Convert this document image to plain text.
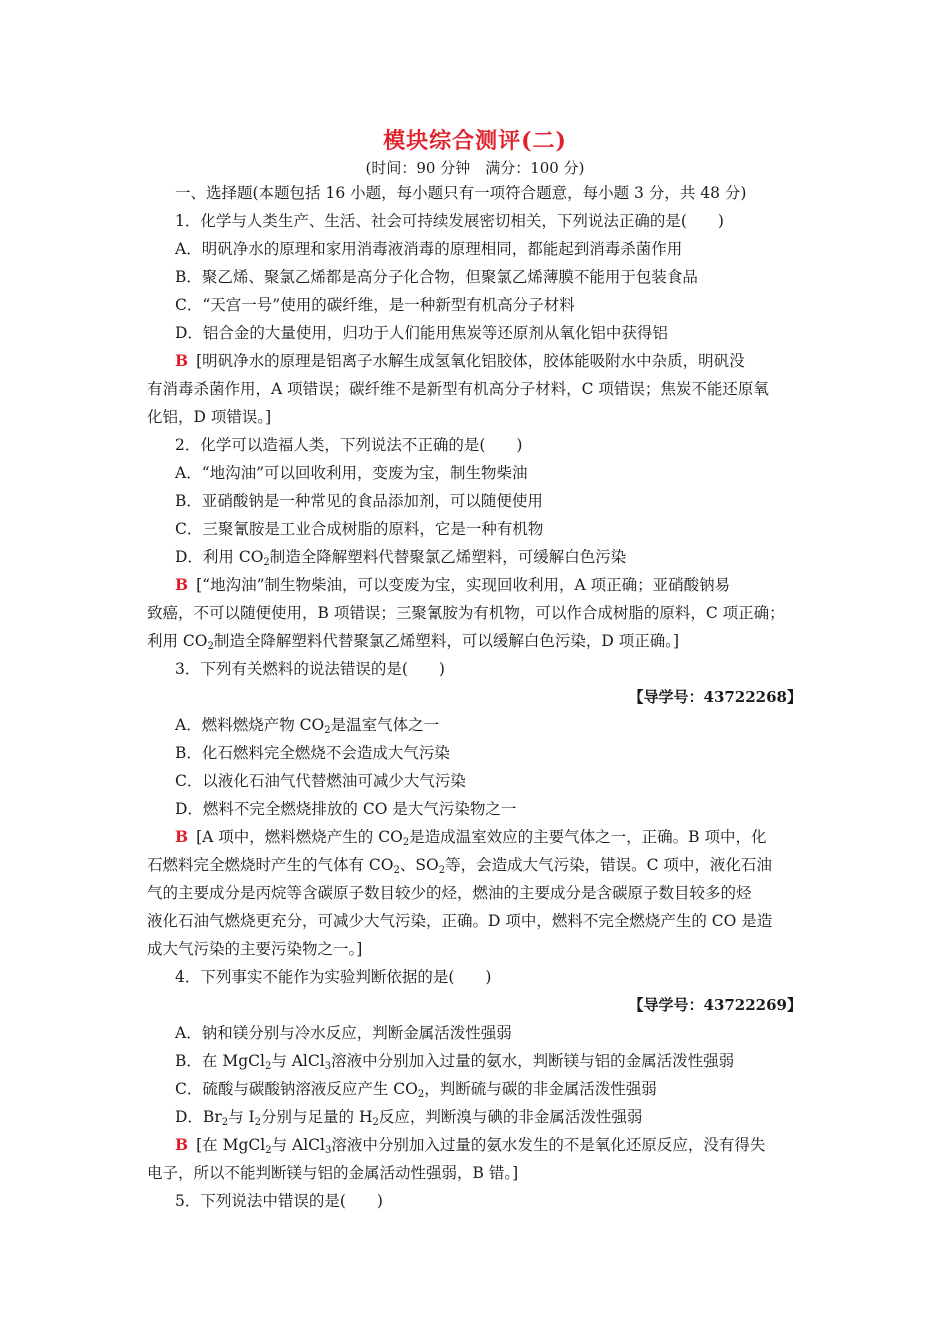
模块综合测评(二)
(时间：90 分钟　满分：100 分)
一、选择题(本题包括 16 小题，每小题只有一项符合题意，每小题 3 分，共 48 分)
1．化学与人类生产、生活、社会可持续发展密切相关，下列说法正确的是(　　)
A．明矾净水的原理和家用消毒液消毒的原理相同，都能起到消毒杀菌作用
B．聚乙烯、聚氯乙烯都是高分子化合物，但聚氯乙烯薄膜不能用于包装食品
C．“天宫一号”使用的碳纤维，是一种新型有机高分子材料
D．铝合金的大量使用，归功于人们能用焦炭等还原剂从氧化铝中获得铝
B [明矾净水的原理是铝离子水解生成氢氧化铝胶体，胶体能吸附水中杂质，明矾没
有消毒杀菌作用，A 项错误；碳纤维不是新型有机高分子材料，C 项错误；焦炭不能还原氧
化铝，D 项错误。]
2．化学可以造福人类，下列说法不正确的是(　　)
A．“地沟油”可以回收利用，变废为宝，制生物柴油
B．亚硝酸钠是一种常见的食品添加剂，可以随便使用
C．三聚氰胺是工业合成树脂的原料，它是一种有机物
D．利用 $CO_2$制造全降解塑料代替聚氯乙烯塑料，可缓解白色污染
B [“地沟油”制生物柴油，可以变废为宝，实现回收利用，A 项正确；亚硝酸钠易
致癌，不可以随便使用，B 项错误；三聚氰胺为有机物，可以作合成树脂的原料，C 项正确；
利用 $CO_2$制造全降解塑料代替聚氯乙烯塑料，可以缓解白色污染，D 项正确。]
3．下列有关燃料的说法错误的是(　　)
【导学号：43722268】
A．燃料燃烧产物 $CO_2$是温室气体之一
B．化石燃料完全燃烧不会造成大气污染
C．以液化石油气代替燃油可减少大气污染
D．燃料不完全燃烧排放的 CO 是大气污染物之一
B [A 项中，燃料燃烧产生的 $CO_2$是造成温室效应的主要气体之一，正确。B 项中，化
石燃料完全燃烧时产生的气体有 $CO_2$、$SO_2$等，会造成大气污染，错误。C 项中，液化石油
气的主要成分是丙烷等含碳原子数目较少的烃，燃油的主要成分是含碳原子数目较多的烃
液化石油气燃烧更充分，可减少大气污染，正确。D 项中，燃料不完全燃烧产生的 CO 是造
成大气污染的主要污染物之一。]
4．下列事实不能作为实验判断依据的是(　　)
【导学号：43722269】
A．钠和镁分别与冷水反应，判断金属活泼性强弱
B．在 MgCl$_2$与 AlCl$_3$溶液中分别加入过量的氨水，判断镁与铝的金属活泼性强弱
C．硫酸与碳酸钠溶液反应产生 $CO_2$，判断硫与碳的非金属活泼性强弱
D．$Br_2$与 $I_2$分别与足量的 $H_2$反应，判断溴与碘的非金属活泼性强弱
B [在 MgCl$_2$与 AlCl$_3$溶液中分别加入过量的氨水发生的不是氧化还原反应，没有得失
电子，所以不能判断镁与铝的金属活动性强弱，B 错。]
5．下列说法中错误的是(　　)
